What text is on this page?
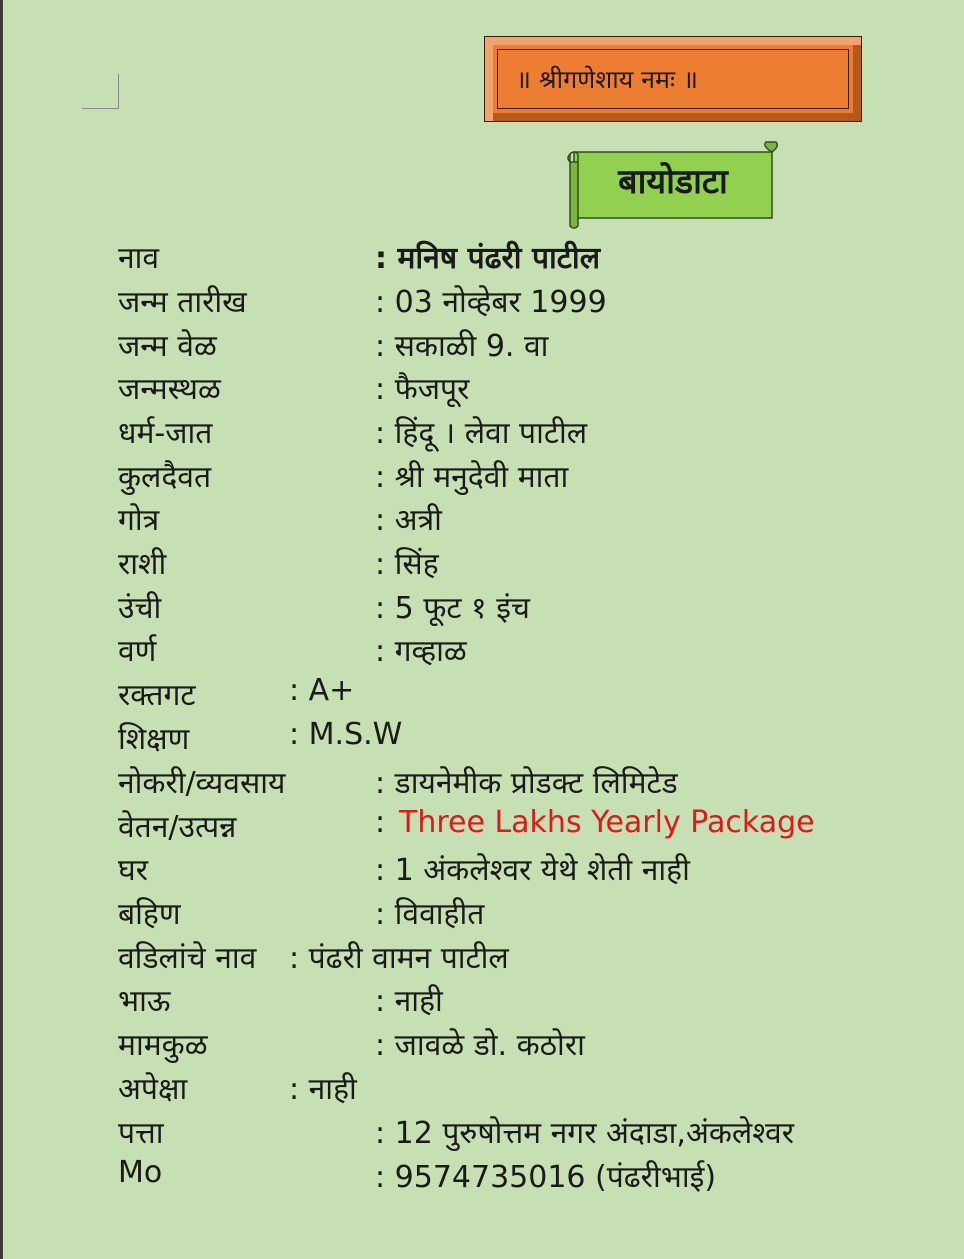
॥ श्रीगणेशाय नमः ॥
बायोडाटा
नाव	: मनिष पंढरी पाटील
जन्म तारीख	: 03 नोव्हेबर 1999
जन्म वेळ	: सकाळी 9. वा
जन्मस्थळ	: फैजपूर
धर्म-जात	: हिंदू । लेवा पाटील
कुलदैवत	: श्री मनुदेवी माता
गोत्र	: अत्री
राशी	: सिंह
उंची	: 5 फूट १ इंच
वर्ण	: गव्हाळ
रक्तगट	: A+
शिक्षण	: M.S.W
नोकरी/व्यवसाय	: डायनेमीक प्रोडक्ट लिमिटेड
वेतन/उत्पन्न	: Three Lakhs Yearly Package
घर	: 1 अंकलेश्वर येथे शेती नाही
बहिण	: विवाहीत
वडिलांचे नाव : पंढरी वामन पाटील
भाऊ	: नाही
मामकुळ	: जावळे डो. कठोरा
अपेक्षा	: नाही
पत्ता	: 12 पुरुषोत्तम नगर अंदाडा,अंकलेश्वर
Mo	: 9574735016 (पंढरीभाई)
